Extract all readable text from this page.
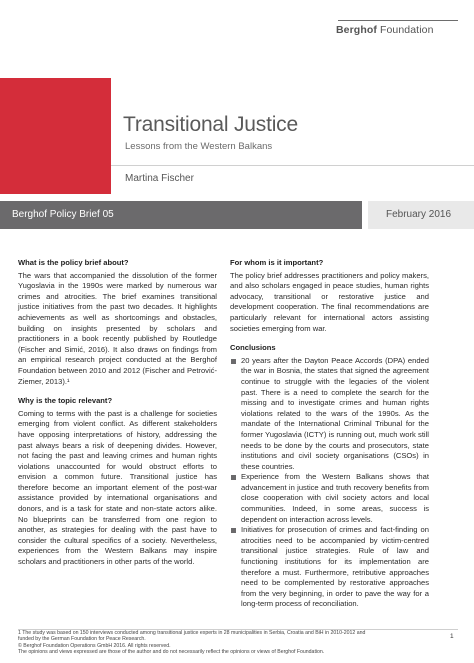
Berghof Foundation
Transitional Justice
Lessons from the Western Balkans
Martina Fischer
Berghof Policy Brief 05	February 2016
What is the policy brief about?

The wars that accompanied the dissolution of the former Yugoslavia in the 1990s were marked by numerous war crimes and atrocities. The brief examines transitional justice initiatives from the past two decades. It highlights achievements as well as shortcomings and obstacles, building on insights presented by scholars and practitioners in a book recently published by Routledge (Fischer and Simić, 2016). It also draws on findings from an empirical research project conducted at the Berghof Foundation between 2010 and 2012 (Fischer and Petrović-Ziemer, 2013).¹

Why is the topic relevant?

Coming to terms with the past is a challenge for societies emerging from violent conflict. As different stakeholders have opposing interpretations of history, addressing the past always bears a risk of deepening divides. However, not facing the past and leaving crimes and human rights violations unaccounted for would obstruct efforts to envision a common future. Transitional justice has therefore become an important element of the post-war assistance provided by international organisations and donors, and is a task for state and non-state actors alike. No blueprints can be transferred from one region to another, as strategies for dealing with the past have to consider the cultural specifics of a society. Nevertheless, experiences from the Western Balkans may inspire scholars and practitioners in other parts of the world.

For whom is it important?

The policy brief addresses practitioners and policy makers, and also scholars engaged in peace studies, human rights advocacy, transitional or restorative justice and development cooperation. The final recommendations are particularly relevant for international actors assisting societies emerging from war.

Conclusions
20 years after the Dayton Peace Accords (DPA) ended the war in Bosnia, the states that signed the agreement continue to struggle with the legacies of the violent past. There is a need to complete the search for the missing and to investigate crimes and human rights violations related to the wars of the 1990s. As the mandate of the International Criminal Tribunal for the former Yugoslavia (ICTY) is running out, much work still needs to be done by the courts and prosecutors, state institutions and civil society organisations (CSOs) in these countries.
Experience from the Western Balkans shows that advancement in justice and truth recovery benefits from close cooperation with civil society actors and local communities. Indeed, in some areas, success is dependent on interaction across levels.
Initiatives for prosecution of crimes and fact-finding on atrocities need to be accompanied by victim-centred transitional justice strategies. Rule of law and functioning institutions for its implementation are therefore a must. Furthermore, retributive approaches need to be complemented by restorative approaches from the very beginning, in order to pave the way for a long-term process of reconciliation.
1 The study was based on 150 interviews conducted among transitional justice experts in 28 municipalities in Serbia, Croatia and BiH in 2010-2012 and
funded by the German Foundation for Peace Research.
© Berghof Foundation Operations GmbH 2016. All rights reserved.
The opinions and views expressed are those of the author and do not necessarily reflect the opinions or views of Berghof Foundation.
1
